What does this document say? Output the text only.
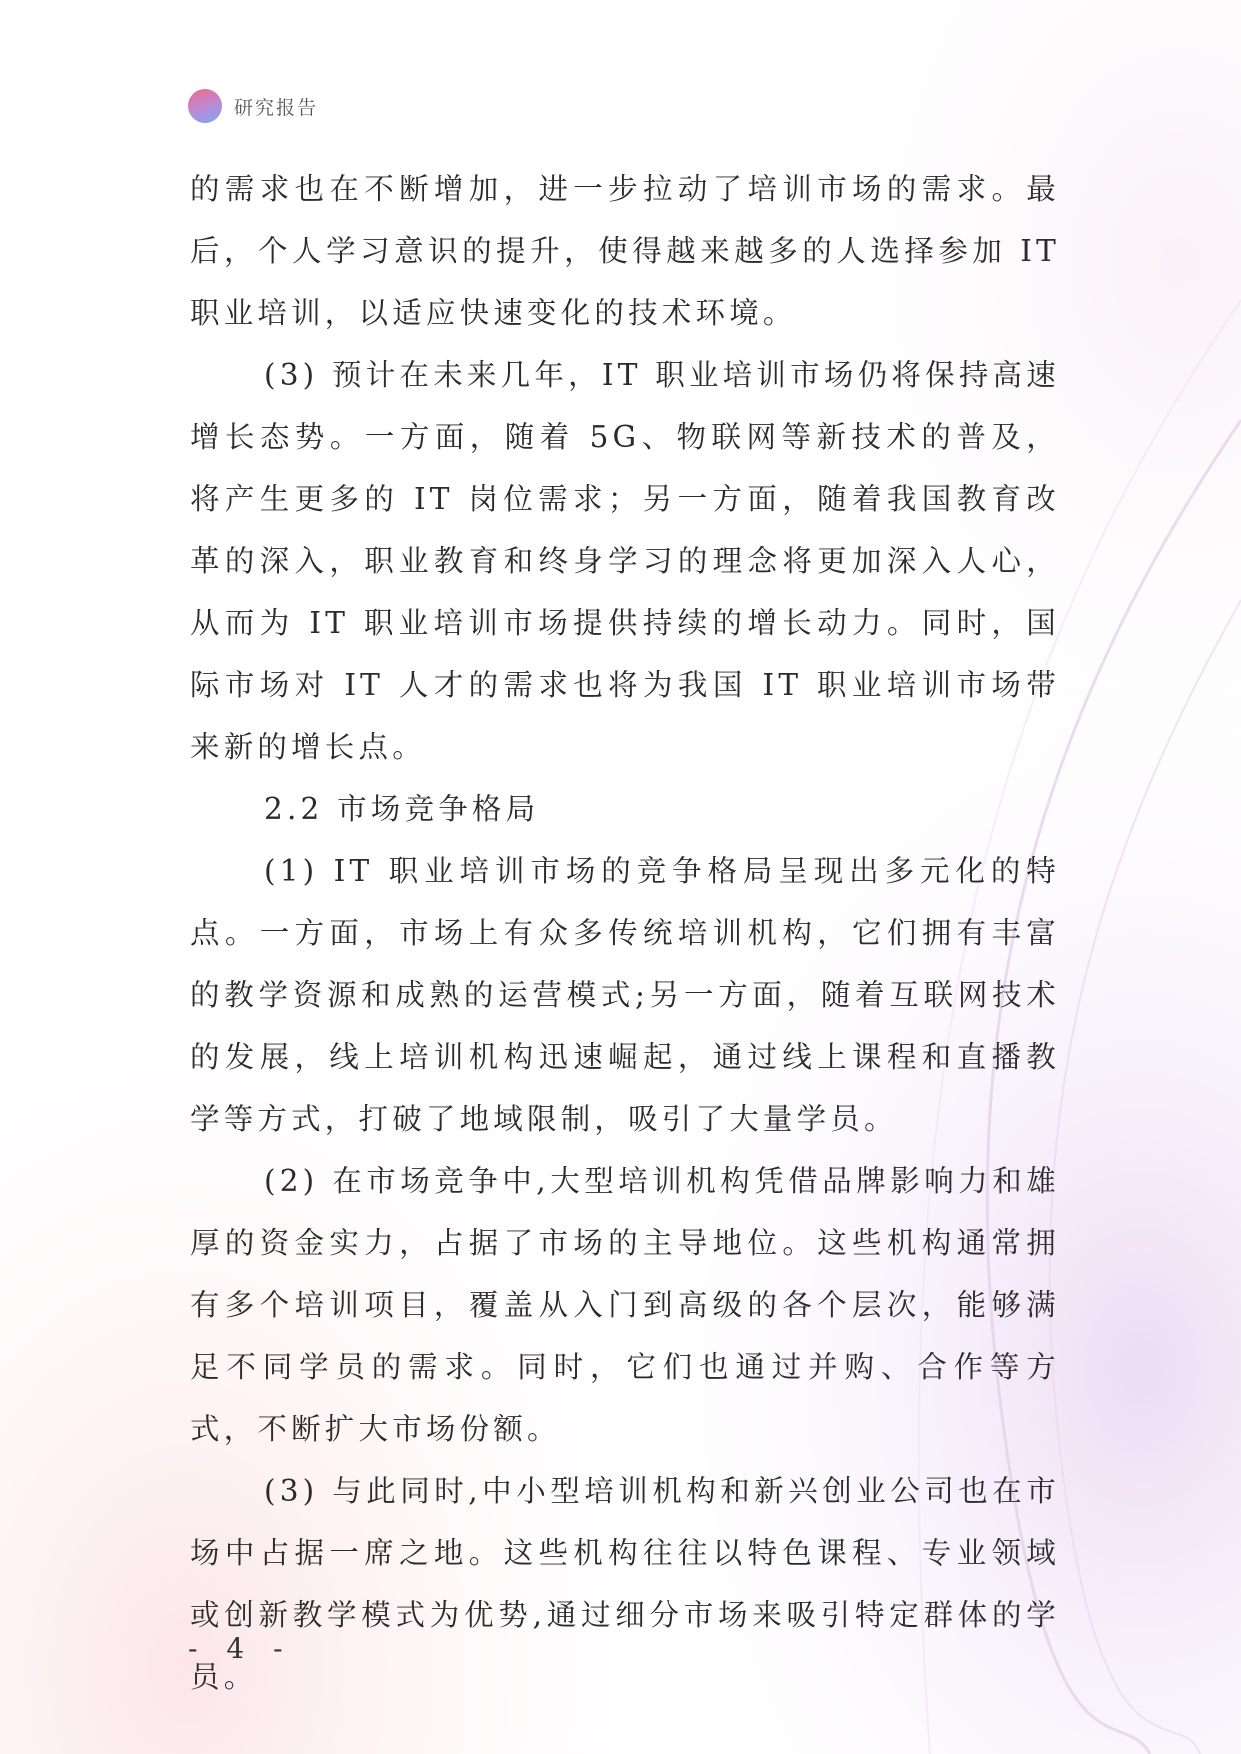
研究报告

的需求也在不断增加，进一步拉动了培训市场的需求。最后，个人学习意识的提升，使得越来越多的人选择参加 IT 职业培训，以适应快速变化的技术环境。

(3) 预计在未来几年，IT 职业培训市场仍将保持高速增长态势。一方面，随着 5G、物联网等新技术的普及，将产生更多的 IT 岗位需求；另一方面，随着我国教育改革的深入，职业教育和终身学习的理念将更加深入人心，从而为 IT 职业培训市场提供持续的增长动力。同时，国际市场对 IT 人才的需求也将为我国 IT 职业培训市场带来新的增长点。

2.2 市场竞争格局

(1) IT 职业培训市场的竞争格局呈现出多元化的特点。一方面，市场上有众多传统培训机构，它们拥有丰富的教学资源和成熟的运营模式;另一方面，随着互联网技术的发展，线上培训机构迅速崛起，通过线上课程和直播教学等方式，打破了地域限制，吸引了大量学员。

(2) 在市场竞争中,大型培训机构凭借品牌影响力和雄厚的资金实力，占据了市场的主导地位。这些机构通常拥有多个培训项目，覆盖从入门到高级的各个层次，能够满足不同学员的需求。同时，它们也通过并购、合作等方式，不断扩大市场份额。

(3) 与此同时,中小型培训机构和新兴创业公司也在市场中占据一席之地。这些机构往往以特色课程、专业领域或创新教学模式为优势,通过细分市场来吸引特定群体的学员。

- 4 -
